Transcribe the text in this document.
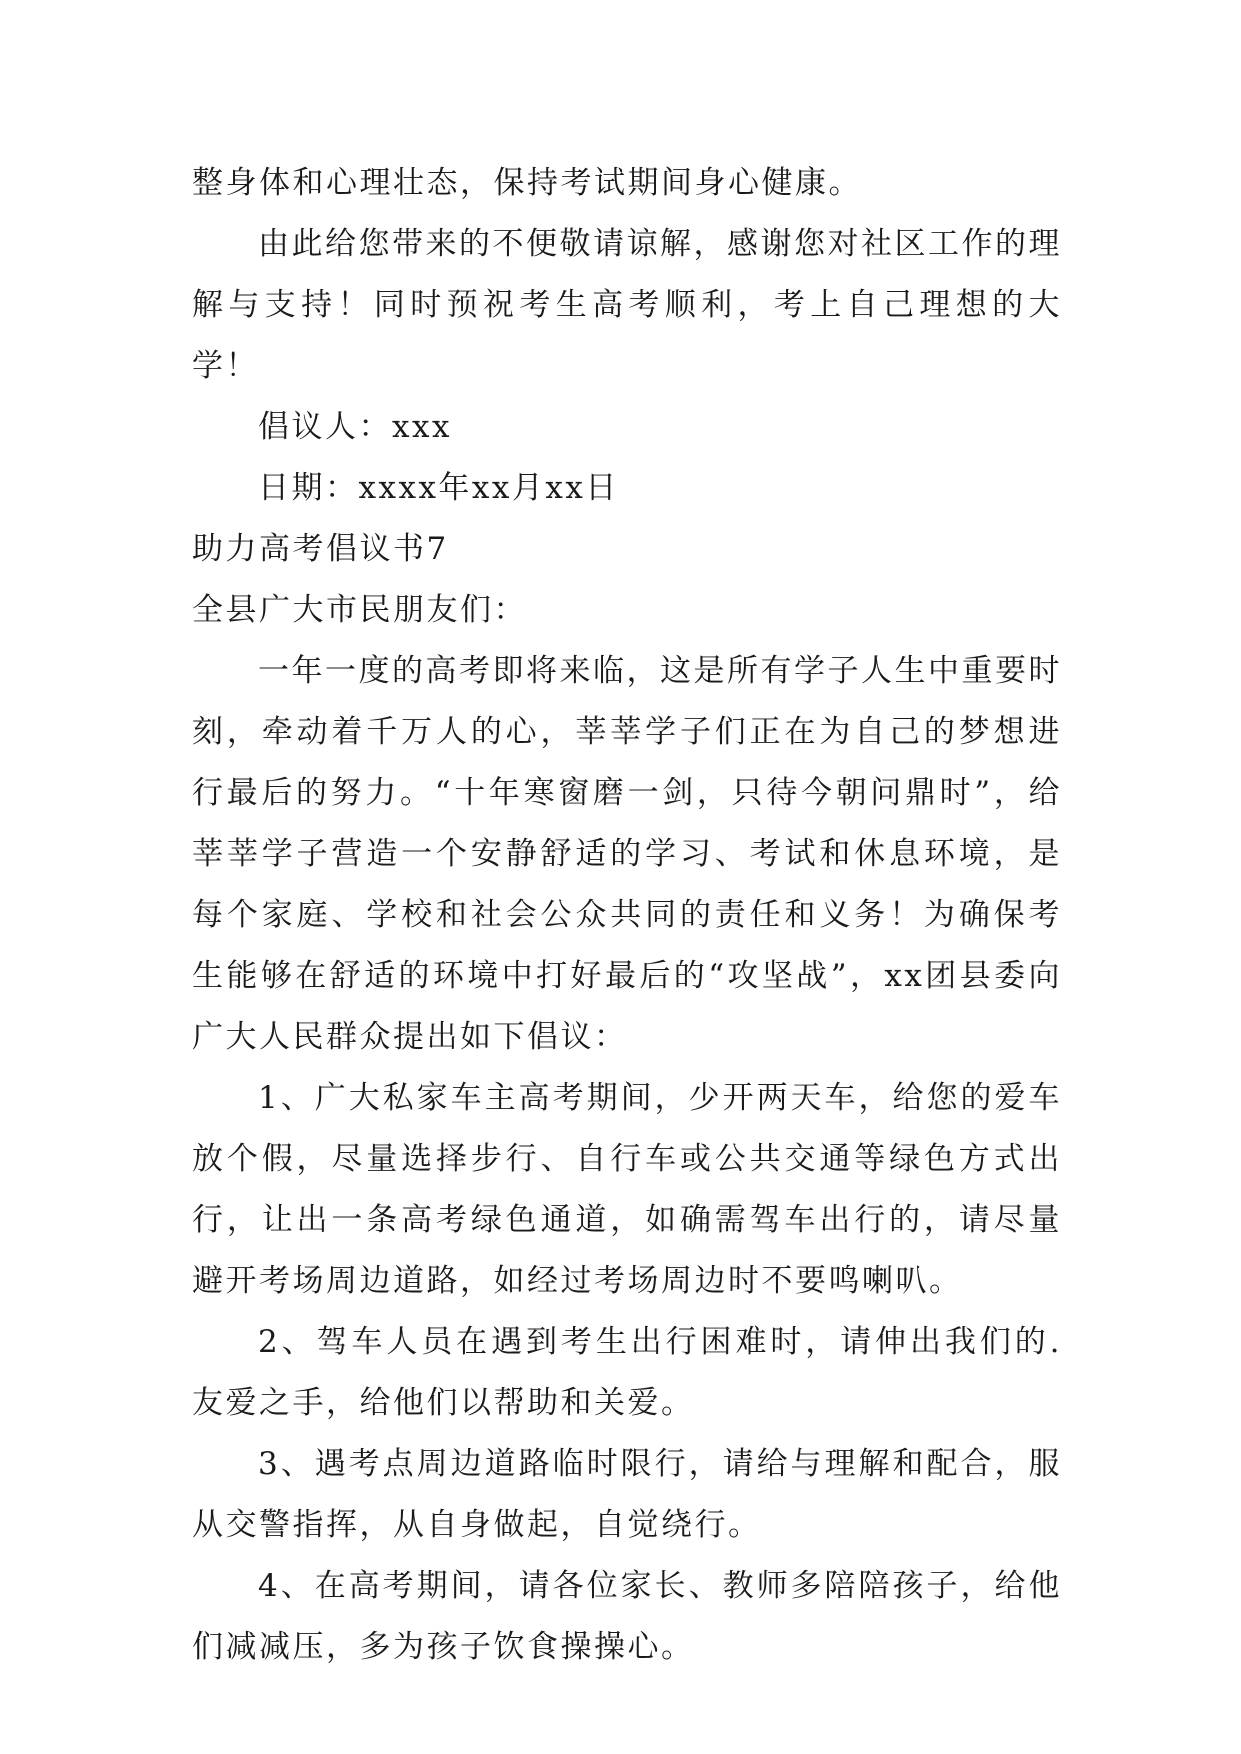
整身体和心理壮态，保持考试期间身心健康。

由此给您带来的不便敬请谅解，感谢您对社区工作的理解与支持！同时预祝考生高考顺利，考上自己理想的大学！

倡议人：xxx

日期：xxxx年xx月xx日

助力高考倡议书7

全县广大市民朋友们：

一年一度的高考即将来临，这是所有学子人生中重要时刻，牵动着千万人的心，莘莘学子们正在为自己的梦想进行最后的努力。“十年寒窗磨一剑，只待今朝问鼎时”，给莘莘学子营造一个安静舒适的学习、考试和休息环境，是每个家庭、学校和社会公众共同的责任和义务！为确保考生能够在舒适的环境中打好最后的“攻坚战”，xx团县委向广大人民群众提出如下倡议：

1、广大私家车主高考期间，少开两天车，给您的爱车放个假，尽量选择步行、自行车或公共交通等绿色方式出行，让出一条高考绿色通道，如确需驾车出行的，请尽量避开考场周边道路，如经过考场周边时不要鸣喇叭。

2、驾车人员在遇到考生出行困难时，请伸出我们的.友爱之手，给他们以帮助和关爱。

3、遇考点周边道路临时限行，请给与理解和配合，服从交警指挥，从自身做起，自觉绕行。

4、在高考期间，请各位家长、教师多陪陪孩子，给他们减减压，多为孩子饮食操操心。
